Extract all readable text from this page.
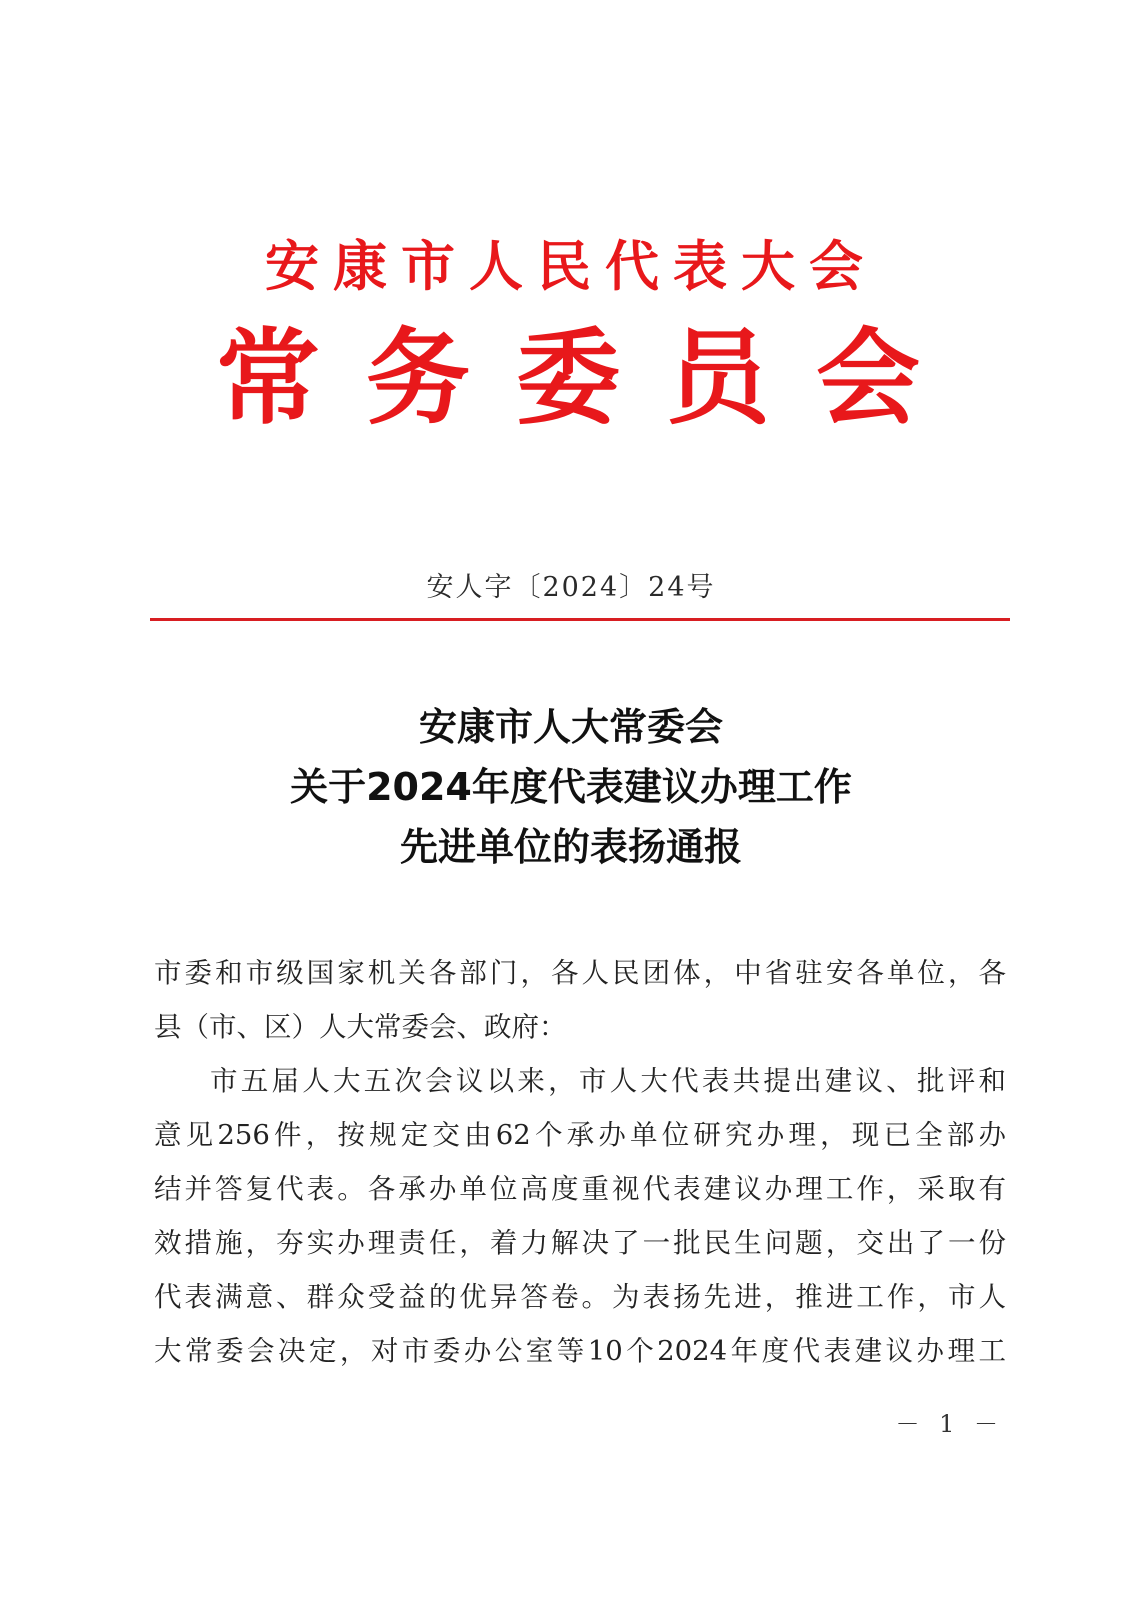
安康市人民代表大会
常务委员会
安人字〔2024〕24号
安康市人大常委会
关于2024年度代表建议办理工作
先进单位的表扬通报
市委和市级国家机关各部门，各人民团体，中省驻安各单位，各
县（市、区）人大常委会、政府：
市五届人大五次会议以来，市人大代表共提出建议、批评和
意见256件，按规定交由62个承办单位研究办理，现已全部办
结并答复代表。各承办单位高度重视代表建议办理工作，采取有
效措施，夯实办理责任，着力解决了一批民生问题，交出了一份
代表满意、群众受益的优异答卷。为表扬先进，推进工作，市人
大常委会决定，对市委办公室等10个2024年度代表建议办理工
－ 1 －
